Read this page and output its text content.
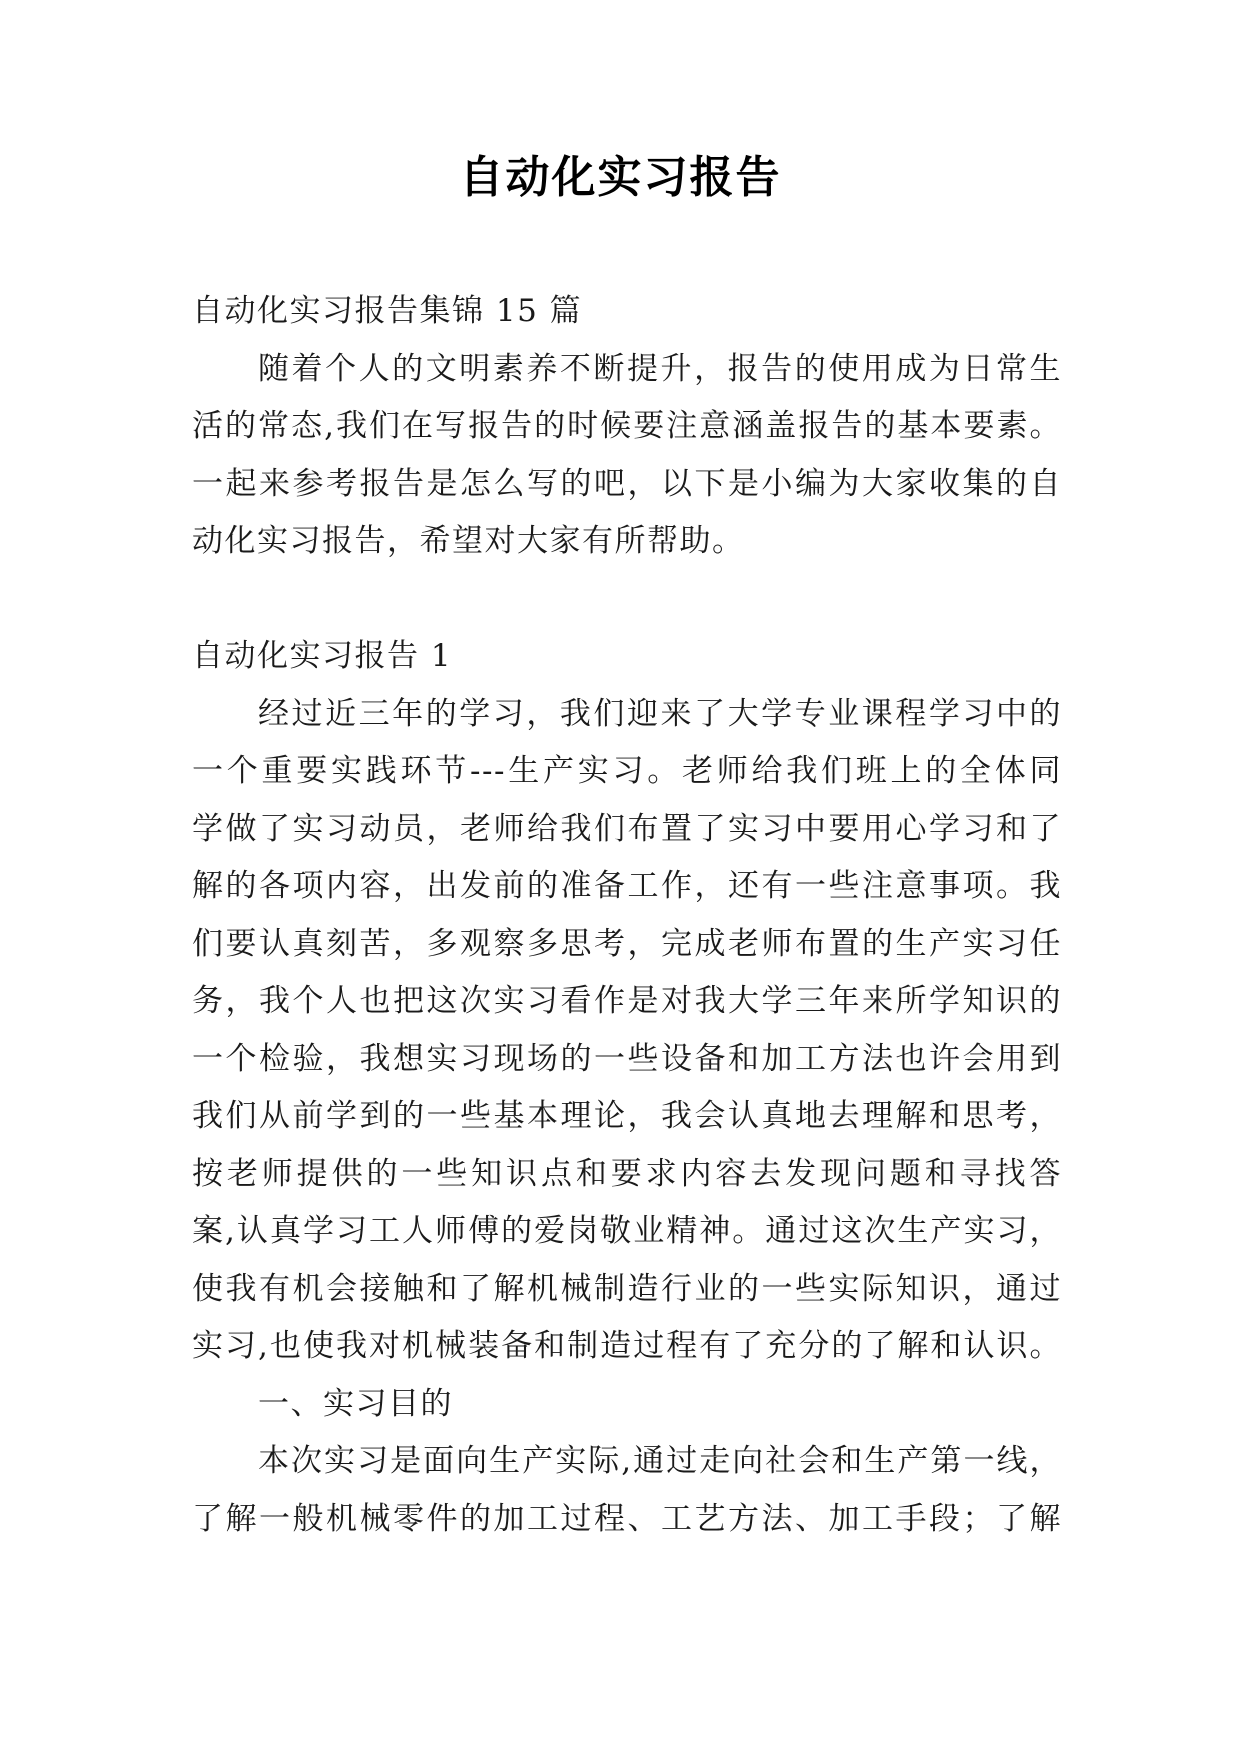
自动化实习报告
自动化实习报告集锦 15 篇
随着个人的文明素养不断提升，报告的使用成为日常生
活的常态,我们在写报告的时候要注意涵盖报告的基本要素。
一起来参考报告是怎么写的吧，以下是小编为大家收集的自
动化实习报告，希望对大家有所帮助。
自动化实习报告 1
经过近三年的学习，我们迎来了大学专业课程学习中的
一个重要实践环节---生产实习。老师给我们班上的全体同
学做了实习动员，老师给我们布置了实习中要用心学习和了
解的各项内容，出发前的准备工作，还有一些注意事项。我
们要认真刻苦，多观察多思考，完成老师布置的生产实习任
务，我个人也把这次实习看作是对我大学三年来所学知识的
一个检验，我想实习现场的一些设备和加工方法也许会用到
我们从前学到的一些基本理论，我会认真地去理解和思考，
按老师提供的一些知识点和要求内容去发现问题和寻找答
案,认真学习工人师傅的爱岗敬业精神。通过这次生产实习，
使我有机会接触和了解机械制造行业的一些实际知识，通过
实习,也使我对机械装备和制造过程有了充分的了解和认识。
一、实习目的
本次实习是面向生产实际,通过走向社会和生产第一线，
了解一般机械零件的加工过程、工艺方法、加工手段；了解
